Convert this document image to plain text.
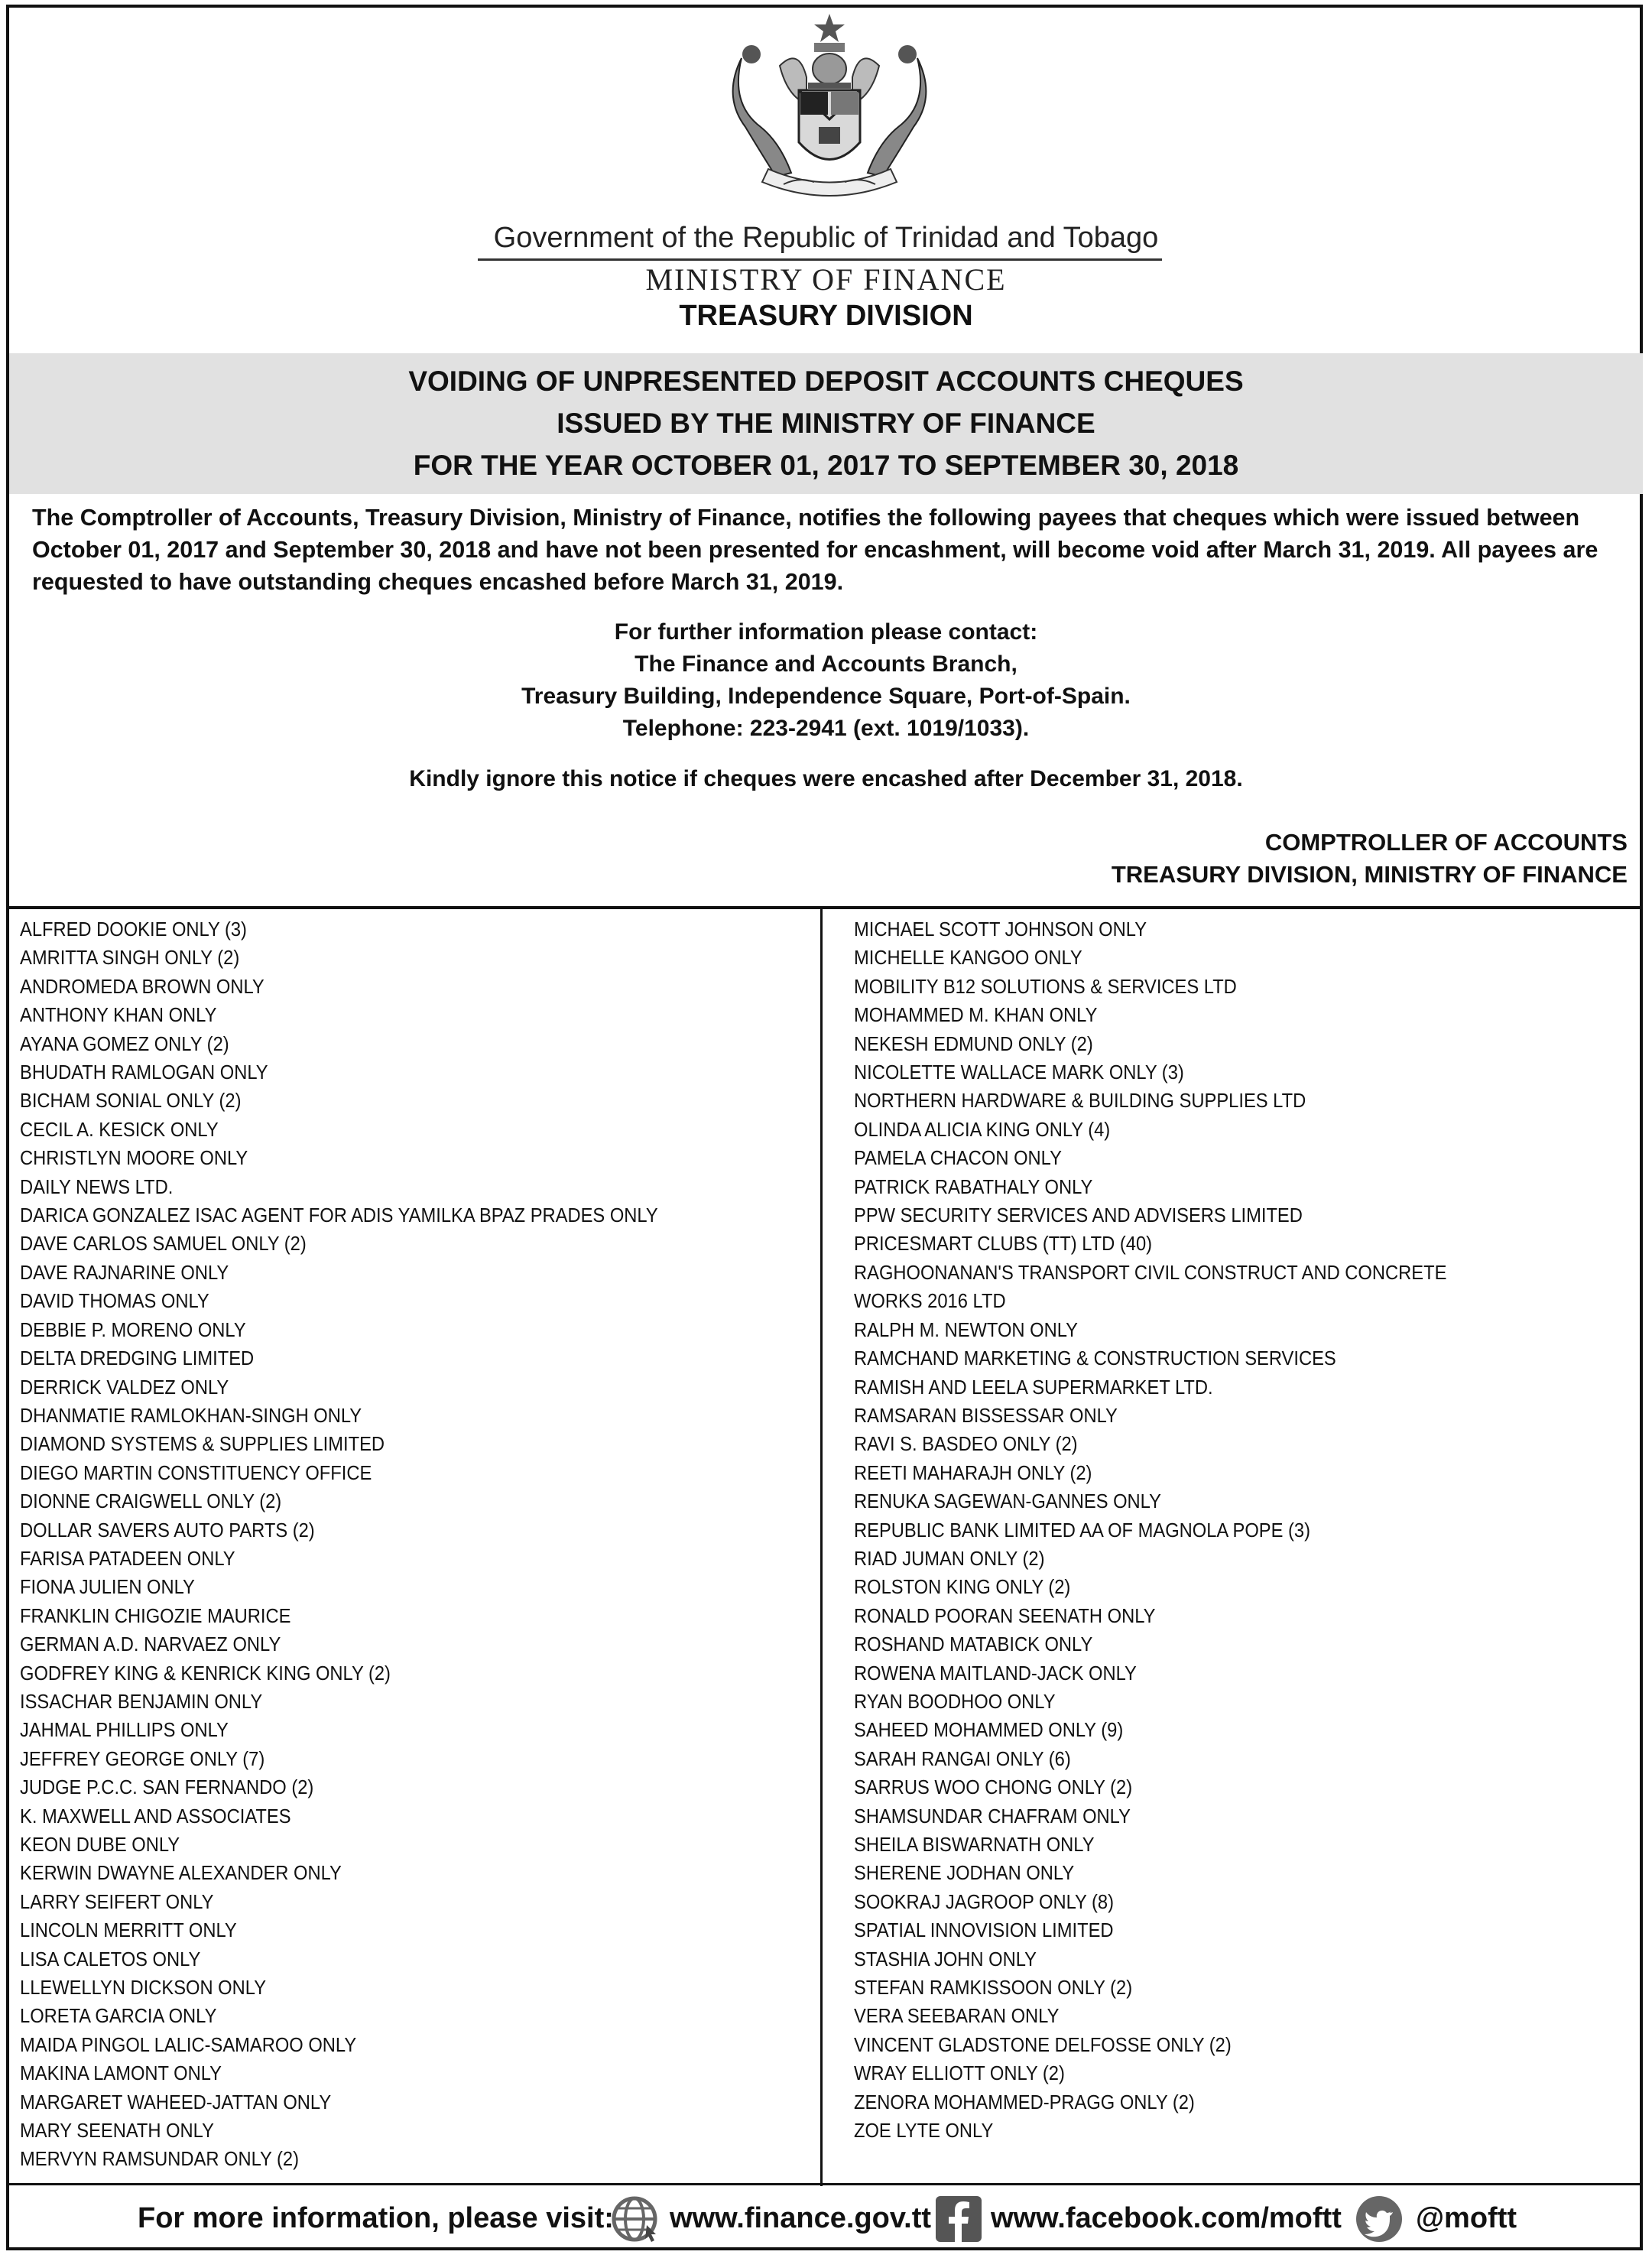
Government of the Republic of Trinidad and Tobago
MINISTRY OF FINANCE
TREASURY DIVISION
VOIDING OF UNPRESENTED DEPOSIT ACCOUNTS CHEQUES
ISSUED BY THE MINISTRY OF FINANCE
FOR THE YEAR OCTOBER 01, 2017 TO SEPTEMBER 30, 2018

The Comptroller of Accounts, Treasury Division, Ministry of Finance, notifies the following payees that cheques which were issued between October 01, 2017 and September 30, 2018 and have not been presented for encashment, will become void after March 31, 2019. All payees are requested to have outstanding cheques encashed before March 31, 2019.

For further information please contact:
The Finance and Accounts Branch,
Treasury Building, Independence Square, Port-of-Spain.
Telephone: 223-2941 (ext. 1019/1033).
Kindly ignore this notice if cheques were encashed after December 31, 2018.
COMPTROLLER OF ACCOUNTS
TREASURY DIVISION, MINISTRY OF FINANCE
ALFRED DOOKIE ONLY (3)
AMRITTA SINGH ONLY (2)
ANDROMEDA BROWN ONLY
ANTHONY KHAN ONLY
AYANA GOMEZ ONLY (2)
BHUDATH RAMLOGAN ONLY
BICHAM SONIAL ONLY (2)
CECIL A. KESICK ONLY
CHRISTLYN MOORE ONLY
DAILY NEWS LTD.
DARICA GONZALEZ ISAC AGENT FOR ADIS YAMILKA BPAZ PRADES ONLY
DAVE CARLOS SAMUEL ONLY (2)
DAVE RAJNARINE ONLY
DAVID THOMAS ONLY
DEBBIE P. MORENO ONLY
DELTA DREDGING LIMITED
DERRICK VALDEZ ONLY
DHANMATIE RAMLOKHAN-SINGH ONLY
DIAMOND SYSTEMS & SUPPLIES LIMITED
DIEGO MARTIN CONSTITUENCY OFFICE
DIONNE CRAIGWELL ONLY (2)
DOLLAR SAVERS AUTO PARTS (2)
FARISA PATADEEN ONLY
FIONA JULIEN ONLY
FRANKLIN CHIGOZIE MAURICE
GERMAN A.D. NARVAEZ ONLY
GODFREY KING & KENRICK KING ONLY (2)
ISSACHAR BENJAMIN ONLY
JAHMAL PHILLIPS ONLY
JEFFREY GEORGE ONLY (7)
JUDGE P.C.C. SAN FERNANDO (2)
K. MAXWELL AND ASSOCIATES
KEON DUBE ONLY
KERWIN DWAYNE ALEXANDER ONLY
LARRY SEIFERT ONLY
LINCOLN MERRITT ONLY
LISA CALETOS ONLY
LLEWELLYN DICKSON ONLY
LORETA GARCIA ONLY
MAIDA PINGOL LALIC-SAMAROO ONLY
MAKINA LAMONT ONLY
MARGARET WAHEED-JATTAN ONLY
MARY SEENATH ONLY
MERVYN RAMSUNDAR ONLY (2)
MICHAEL SCOTT JOHNSON ONLY
MICHELLE KANGOO ONLY
MOBILITY B12 SOLUTIONS & SERVICES LTD
MOHAMMED M. KHAN ONLY
NEKESH EDMUND ONLY (2)
NICOLETTE WALLACE MARK ONLY (3)
NORTHERN HARDWARE & BUILDING SUPPLIES LTD
OLINDA ALICIA KING ONLY (4)
PAMELA CHACON ONLY
PATRICK RABATHALY ONLY
PPW SECURITY SERVICES AND ADVISERS LIMITED
PRICESMART CLUBS (TT) LTD (40)
RAGHOONANAN'S TRANSPORT CIVIL CONSTRUCT AND CONCRETE
WORKS 2016 LTD
RALPH M. NEWTON ONLY
RAMCHAND MARKETING & CONSTRUCTION SERVICES
RAMISH AND LEELA SUPERMARKET LTD.
RAMSARAN BISSESSAR ONLY
RAVI S. BASDEO ONLY (2)
REETI MAHARAJH ONLY (2)
RENUKA SAGEWAN-GANNES ONLY
REPUBLIC BANK LIMITED AA OF MAGNOLA POPE (3)
RIAD JUMAN ONLY (2)
ROLSTON KING ONLY (2)
RONALD POORAN SEENATH ONLY
ROSHAND MATABICK ONLY
ROWENA MAITLAND-JACK ONLY
RYAN BOODHOO ONLY
SAHEED MOHAMMED ONLY (9)
SARAH RANGAI ONLY (6)
SARRUS WOO CHONG ONLY (2)
SHAMSUNDAR CHAFRAM ONLY
SHEILA BISWARNATH ONLY
SHERENE JODHAN ONLY
SOOKRAJ JAGROOP ONLY (8)
SPATIAL INNOVISION LIMITED
STASHIA JOHN ONLY
STEFAN RAMKISSOON ONLY (2)
VERA SEEBARAN ONLY
VINCENT GLADSTONE DELFOSSE ONLY (2)
WRAY ELLIOTT ONLY (2)
ZENORA MOHAMMED-PRAGG ONLY (2)
ZOE LYTE ONLY
For more information, please visit: www.finance.gov.tt www.facebook.com/moftt	@moftt
